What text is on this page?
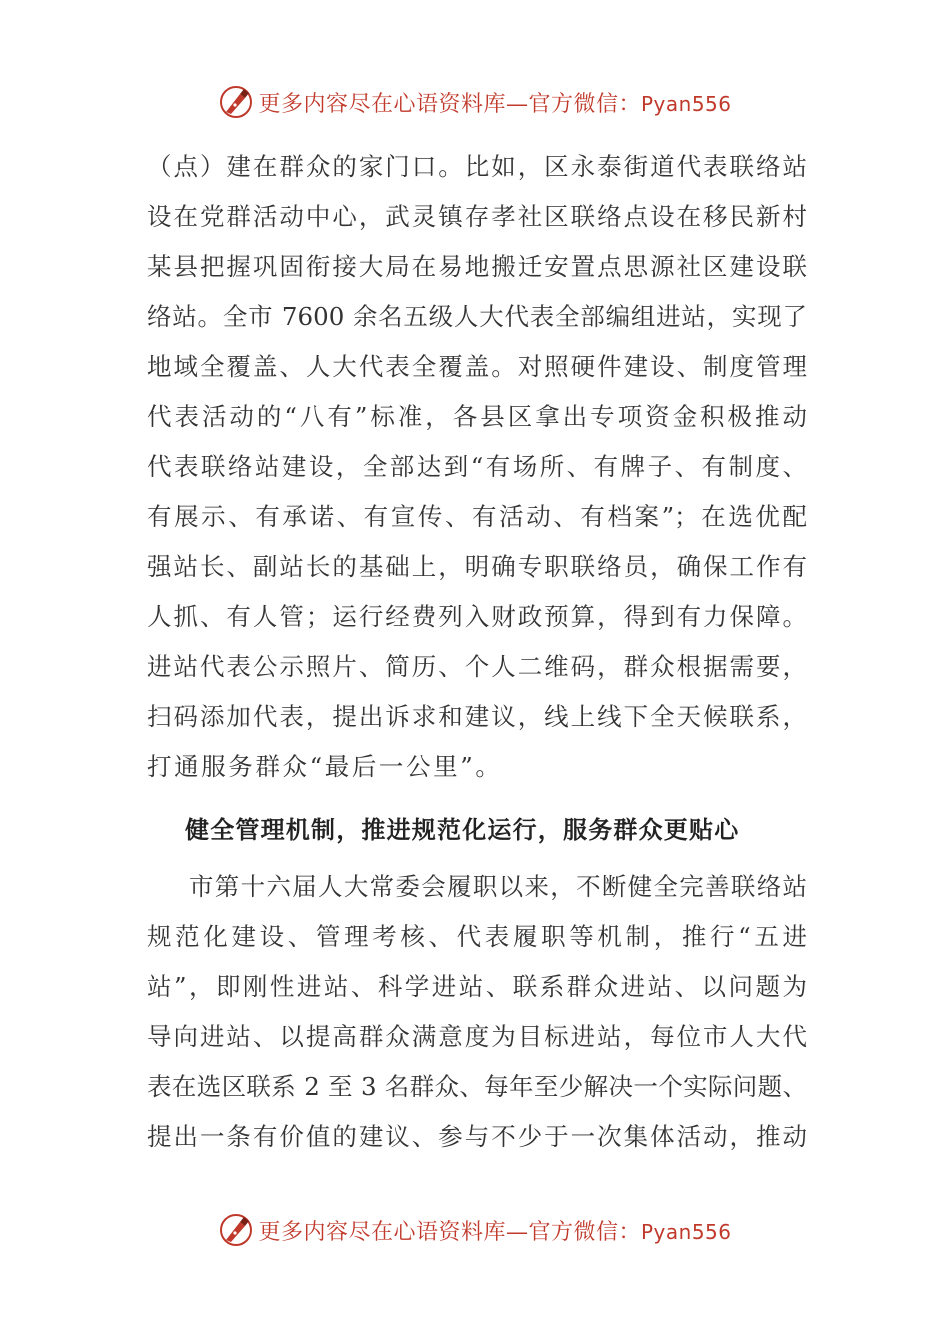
更多内容尽在心语资料库—官方微信：Pyan556
（点）建在群众的家门口。比如，区永泰街道代表联络站
设在党群活动中心，武灵镇存孝社区联络点设在移民新村
某县把握巩固衔接大局在易地搬迁安置点思源社区建设联
络站。全市 7600 余名五级人大代表全部编组进站，实现了
地域全覆盖、人大代表全覆盖。对照硬件建设、制度管理
代表活动的“八有”标准，各县区拿出专项资金积极推动
代表联络站建设，全部达到“有场所、有牌子、有制度、
有展示、有承诺、有宣传、有活动、有档案”；在选优配
强站长、副站长的基础上，明确专职联络员，确保工作有
人抓、有人管；运行经费列入财政预算，得到有力保障。
进站代表公示照片、简历、个人二维码，群众根据需要，
扫码添加代表，提出诉求和建议，线上线下全天候联系，
打通服务群众“最后一公里”。
健全管理机制，推进规范化运行，服务群众更贴心
市第十六届人大常委会履职以来，不断健全完善联络站
规范化建设、管理考核、代表履职等机制，推行“五进
站”，即刚性进站、科学进站、联系群众进站、以问题为
导向进站、以提高群众满意度为目标进站，每位市人大代
表在选区联系 2 至 3 名群众、每年至少解决一个实际问题、
提出一条有价值的建议、参与不少于一次集体活动，推动
更多内容尽在心语资料库—官方微信：Pyan556
